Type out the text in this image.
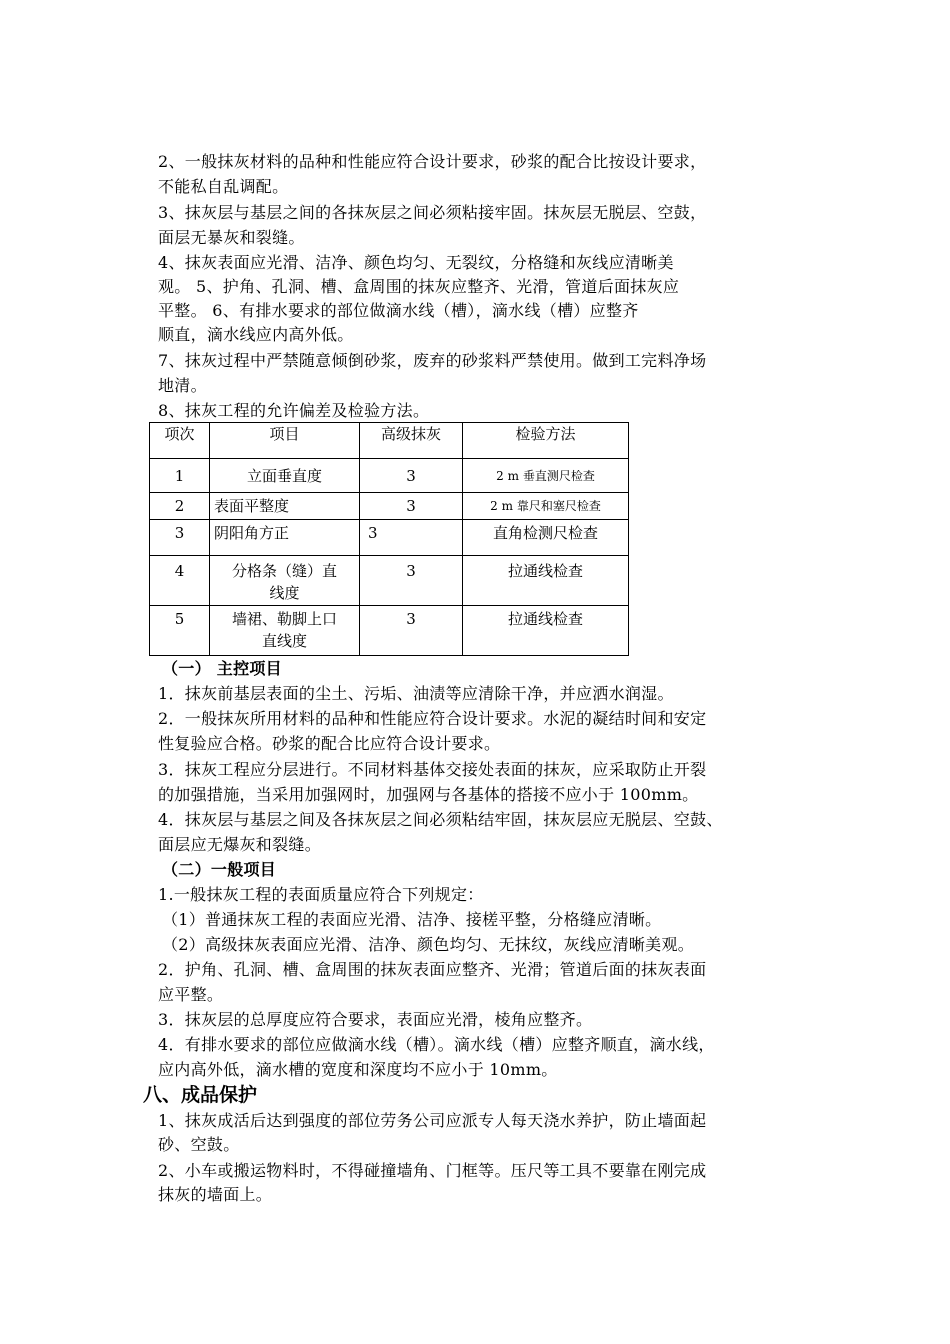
2、一般抹灰材料的品种和性能应符合设计要求，砂浆的配合比按设计要求，
不能私自乱调配。
3、抹灰层与基层之间的各抹灰层之间必须粘接牢固。抹灰层无脱层、空鼓，
面层无暴灰和裂缝。
4、抹灰表面应光滑、洁净、颜色均匀、无裂纹，分格缝和灰线应清晰美
观。 5、护角、孔洞、槽、盒周围的抹灰应整齐、光滑，管道后面抹灰应
平整。 6、有排水要求的部位做滴水线（槽），滴水线（槽）应整齐
顺直，滴水线应内高外低。
7、抹灰过程中严禁随意倾倒砂浆，废弃的砂浆料严禁使用。做到工完料净场
地清。
8、抹灰工程的允许偏差及检验方法。
项次	项目	高级抹灰	检验方法
1	立面垂直度	3	2 m 垂直测尺检查
2	表面平整度	3	2 m 靠尺和塞尺检查
3	阴阳角方正	3	直角检测尺检查
4	分格条（缝）直线度	3	拉通线检查
5	墙裙、勒脚上口直线度	3	拉通线检查
（一） 主控项目
1．抹灰前基层表面的尘土、污垢、油渍等应清除干净，并应洒水润湿。
2．一般抹灰所用材料的品种和性能应符合设计要求。水泥的凝结时间和安定
性复验应合格。砂浆的配合比应符合设计要求。
3．抹灰工程应分层进行。不同材料基体交接处表面的抹灰，应采取防止开裂
的加强措施，当采用加强网时，加强网与各基体的搭接不应小于 100mm。
4．抹灰层与基层之间及各抹灰层之间必须粘结牢固，抹灰层应无脱层、空鼓、
面层应无爆灰和裂缝。
（二）一般项目
1.一般抹灰工程的表面质量应符合下列规定：
（1）普通抹灰工程的表面应光滑、洁净、接槎平整，分格缝应清晰。
（2）高级抹灰表面应光滑、洁净、颜色均匀、无抹纹，灰线应清晰美观。
2．护角、孔洞、槽、盒周围的抹灰表面应整齐、光滑；管道后面的抹灰表面
应平整。
3．抹灰层的总厚度应符合要求，表面应光滑，棱角应整齐。
4．有排水要求的部位应做滴水线（槽）。滴水线（槽）应整齐顺直，滴水线，
应内高外低，滴水槽的宽度和深度均不应小于 10mm。
八、成品保护
1、抹灰成活后达到强度的部位劳务公司应派专人每天浇水养护，防止墙面起
砂、空鼓。
2、小车或搬运物料时，不得碰撞墙角、门框等。压尺等工具不要靠在刚完成
抹灰的墙面上。
